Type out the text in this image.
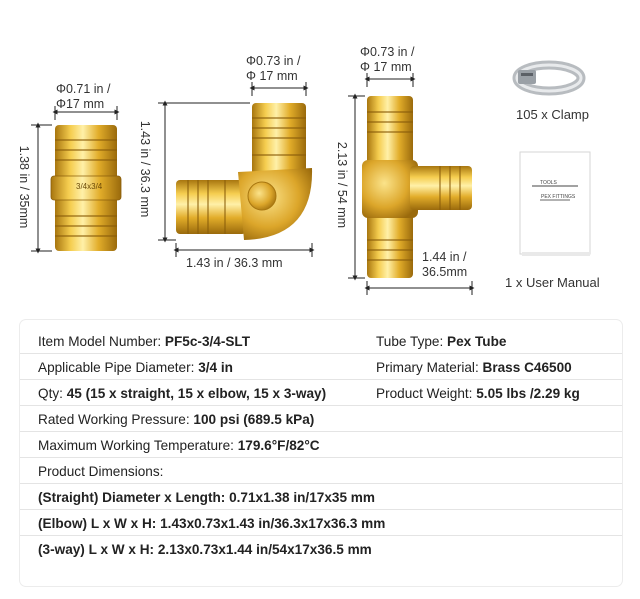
3/4x3/4
Φ0.71 in /
Φ17 mm
1.38 in / 35mm
Φ0.73 in /
Φ 17 mm
1.43 in / 36.3 mm
1.43 in / 36.3 mm
Φ0.73 in /
Φ 17 mm
2.13 in / 54 mm
1.44 in /
36.5mm
105 x Clamp
TOOLS
PEX FITTINGS
1 x User Manual
Item Model Number: PF5c-3/4-SLT	Tube Type: Pex Tube
Applicable Pipe Diameter: 3/4 in	Primary Material: Brass C46500
Qty: 45 (15 x straight, 15 x elbow, 15 x 3-way)	Product Weight: 5.05 lbs /2.29 kg
Rated Working Pressure: 100 psi (689.5 kPa)
Maximum Working Temperature: 179.6°F/82°C
Product Dimensions:
(Straight) Diameter x Length: 0.71x1.38 in/17x35 mm
(Elbow) L x W x H: 1.43x0.73x1.43 in/36.3x17x36.3 mm
(3-way) L x W x H: 2.13x0.73x1.44 in/54x17x36.5 mm
